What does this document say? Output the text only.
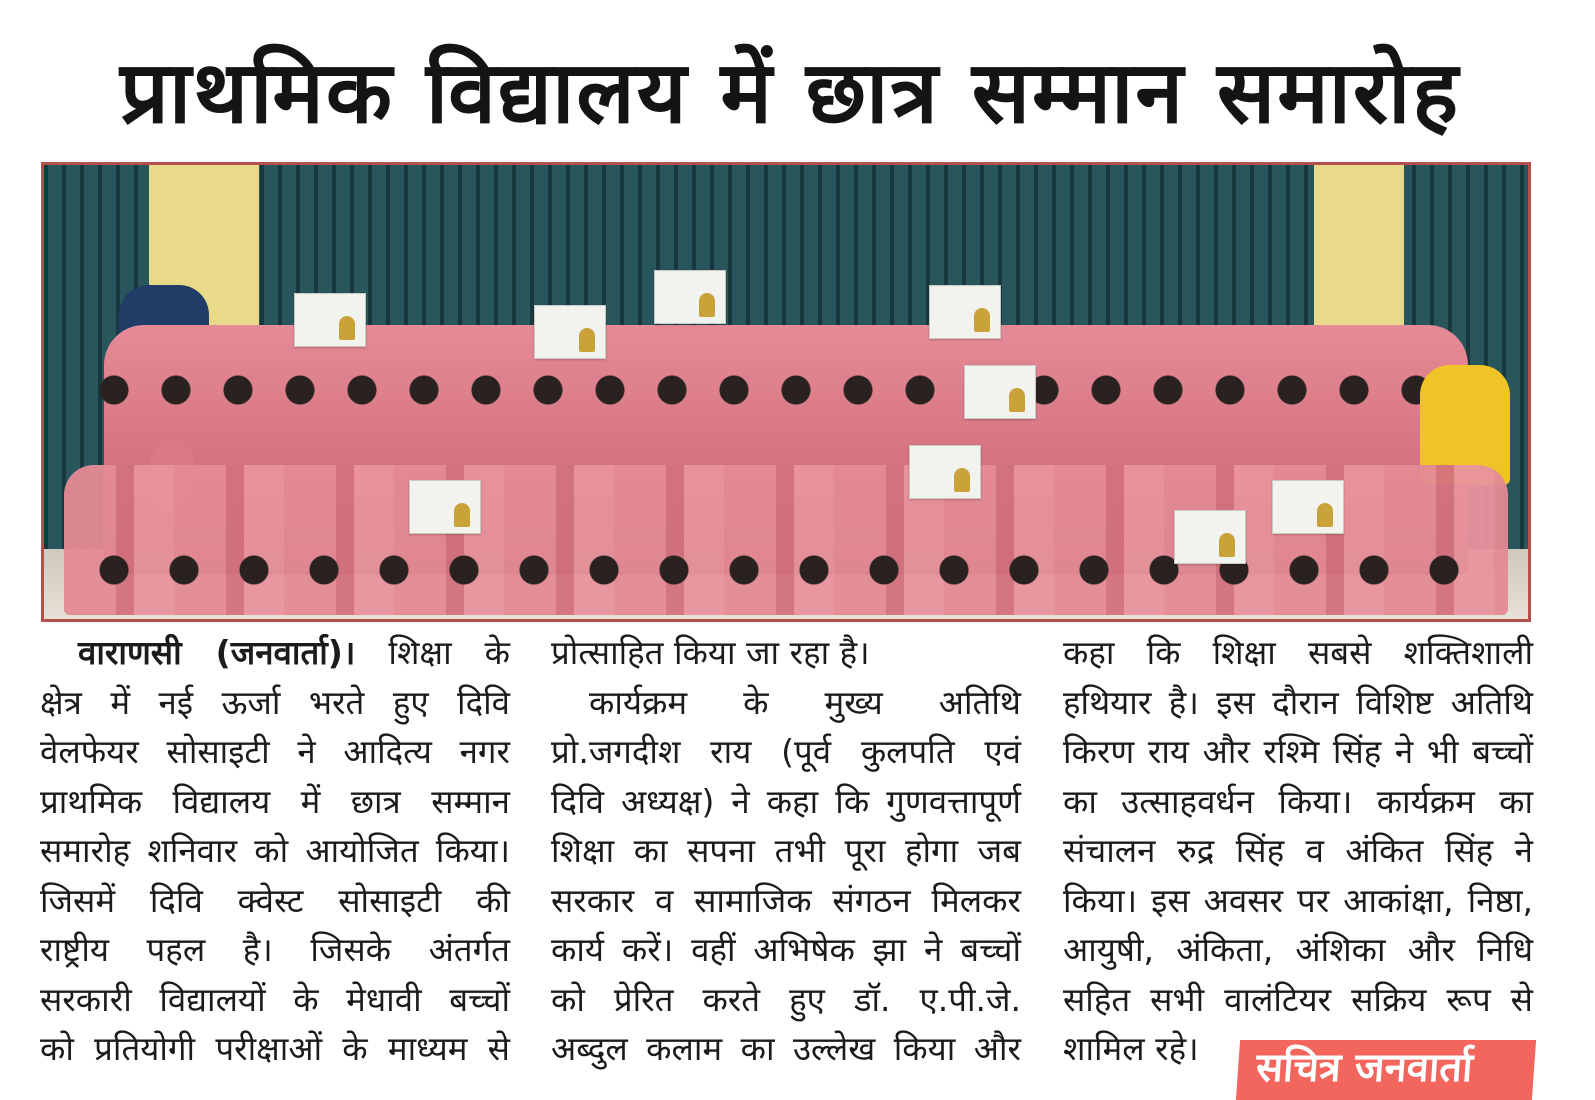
प्राथमिक विद्यालय में छात्र सम्मान समारोह
वाराणसी (जनवार्ता)। शिक्षा के
क्षेत्र में नई ऊर्जा भरते हुए दिवि
वेलफेयर सोसाइटी ने आदित्य नगर
प्राथमिक विद्यालय में छात्र सम्मान
समारोह शनिवार को आयोजित किया।
जिसमें दिवि क्वेस्ट सोसाइटी की
राष्ट्रीय पहल है। जिसके अंतर्गत
सरकारी विद्यालयों के मेधावी बच्चों
को प्रतियोगी परीक्षाओं के माध्यम से
प्रोत्साहित किया जा रहा है।
कार्यक्रम के मुख्य अतिथि
प्रो.जगदीश राय (पूर्व कुलपति एवं
दिवि अध्यक्ष) ने कहा कि गुणवत्तापूर्ण
शिक्षा का सपना तभी पूरा होगा जब
सरकार व सामाजिक संगठन मिलकर
कार्य करें। वहीं अभिषेक झा ने बच्चों
को प्रेरित करते हुए डॉ. ए.पी.जे.
अब्दुल कलाम का उल्लेख किया और
कहा कि शिक्षा सबसे शक्तिशाली
हथियार है। इस दौरान विशिष्ट अतिथि
किरण राय और रश्मि सिंह ने भी बच्चों
का उत्साहवर्धन किया। कार्यक्रम का
संचालन रुद्र सिंह व अंकित सिंह ने
किया। इस अवसर पर आकांक्षा, निष्ठा,
आयुषी, अंकिता, अंशिका और निधि
सहित सभी वालंटियर सक्रिय रूप से
शामिल रहे।	सचित्र जनवार्ता
